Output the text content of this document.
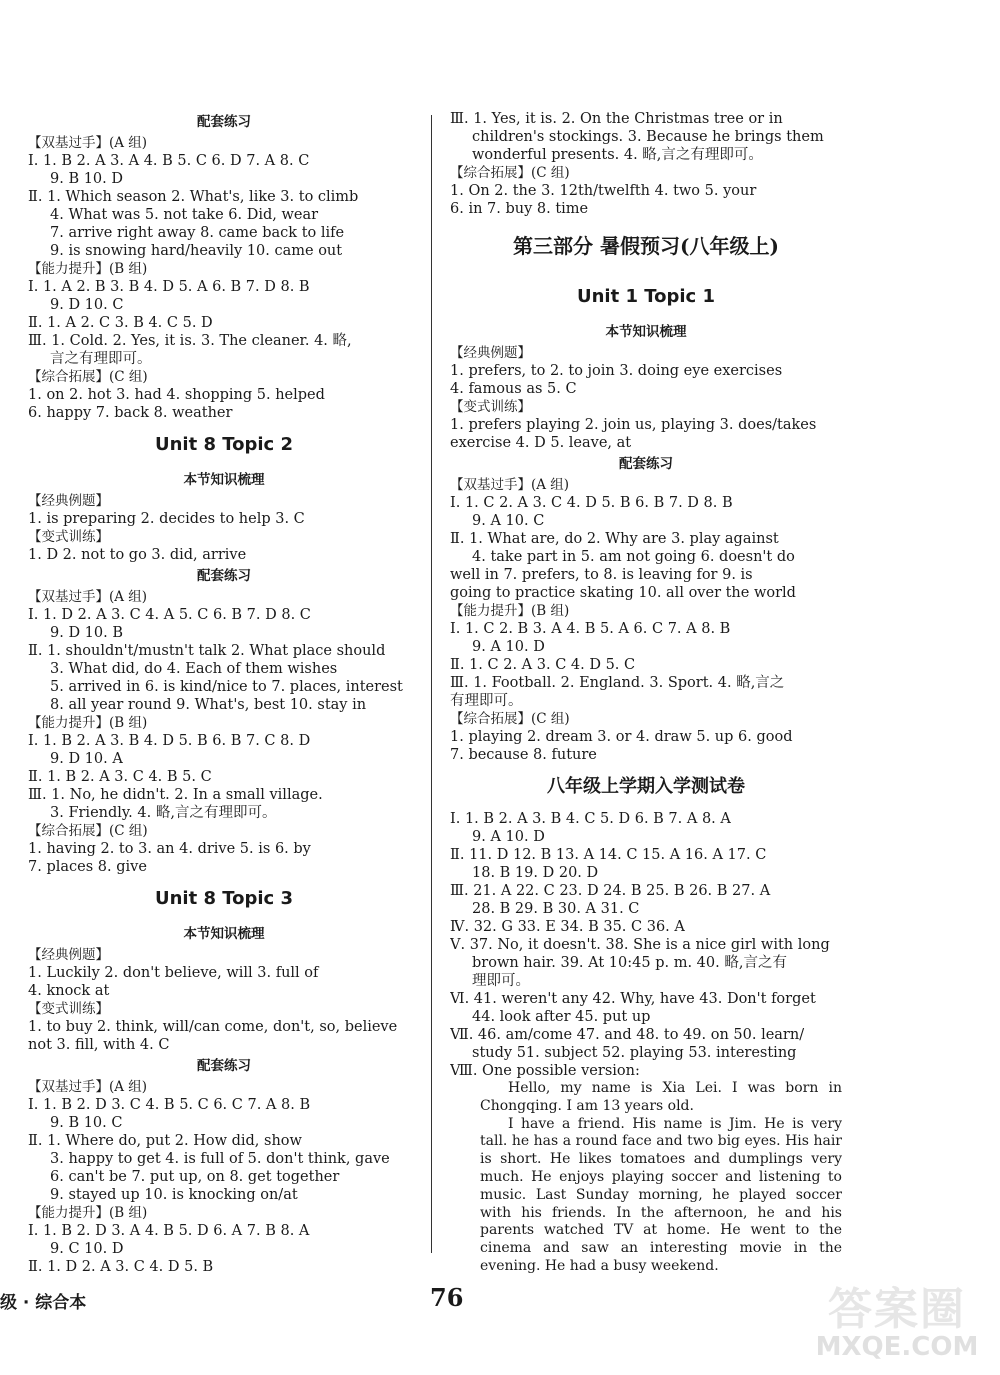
配套练习
【双基过手】(A 组)
Ⅰ. 1. B 2. A 3. A 4. B 5. C 6. D 7. A 8. C
9. B 10. D
Ⅱ. 1. Which season 2. What's, like 3. to climb
4. What was 5. not take 6. Did, wear
7. arrive right away 8. came back to life
9. is snowing hard/heavily 10. came out
【能力提升】(B 组)
Ⅰ. 1. A 2. B 3. B 4. D 5. A 6. B 7. D 8. B
9. D 10. C
Ⅱ. 1. A 2. C 3. B 4. C 5. D
Ⅲ. 1. Cold. 2. Yes, it is. 3. The cleaner. 4. 略,
言之有理即可。
【综合拓展】(C 组)
1. on 2. hot 3. had 4. shopping 5. helped
6. happy 7. back 8. weather
Unit 8 Topic 2
本节知识梳理
【经典例题】
1. is preparing 2. decides to help 3. C
【变式训练】
1. D 2. not to go 3. did, arrive
配套练习
【双基过手】(A 组)
Ⅰ. 1. D 2. A 3. C 4. A 5. C 6. B 7. D 8. C
9. D 10. B
Ⅱ. 1. shouldn't/mustn't talk 2. What place should
3. What did, do 4. Each of them wishes
5. arrived in 6. is kind/nice to 7. places, interest
8. all year round 9. What's, best 10. stay in
【能力提升】(B 组)
Ⅰ. 1. B 2. A 3. B 4. D 5. B 6. B 7. C 8. D
9. D 10. A
Ⅱ. 1. B 2. A 3. C 4. B 5. C
Ⅲ. 1. No, he didn't. 2. In a small village.
3. Friendly. 4. 略,言之有理即可。
【综合拓展】(C 组)
1. having 2. to 3. an 4. drive 5. is 6. by
7. places 8. give
Unit 8 Topic 3
本节知识梳理
【经典例题】
1. Luckily 2. don't believe, will 3. full of
4. knock at
【变式训练】
1. to buy 2. think, will/can come, don't, so, believe
not 3. fill, with 4. C
配套练习
【双基过手】(A 组)
Ⅰ. 1. B 2. D 3. C 4. B 5. C 6. C 7. A 8. B
9. B 10. C
Ⅱ. 1. Where do, put 2. How did, show
3. happy to get 4. is full of 5. don't think, gave
6. can't be 7. put up, on 8. get together
9. stayed up 10. is knocking on/at
【能力提升】(B 组)
Ⅰ. 1. B 2. D 3. A 4. B 5. D 6. A 7. B 8. A
9. C 10. D
Ⅱ. 1. D 2. A 3. C 4. D 5. B
Ⅲ. 1. Yes, it is. 2. On the Christmas tree or in
children's stockings. 3. Because he brings them
wonderful presents. 4. 略,言之有理即可。
【综合拓展】(C 组)
1. On 2. the 3. 12th/twelfth 4. two 5. your
6. in 7. buy 8. time
第三部分 暑假预习(八年级上)
Unit 1 Topic 1
本节知识梳理
【经典例题】
1. prefers, to 2. to join 3. doing eye exercises
4. famous as 5. C
【变式训练】
1. prefers playing 2. join us, playing 3. does/takes
exercise 4. D 5. leave, at
配套练习
【双基过手】(A 组)
Ⅰ. 1. C 2. A 3. C 4. D 5. B 6. B 7. D 8. B
9. A 10. C
Ⅱ. 1. What are, do 2. Why are 3. play against
4. take part in 5. am not going 6. doesn't do
well in 7. prefers, to 8. is leaving for 9. is
going to practice skating 10. all over the world
【能力提升】(B 组)
Ⅰ. 1. C 2. B 3. A 4. B 5. A 6. C 7. A 8. B
9. A 10. D
Ⅱ. 1. C 2. A 3. C 4. D 5. C
Ⅲ. 1. Football. 2. England. 3. Sport. 4. 略,言之
有理即可。
【综合拓展】(C 组)
1. playing 2. dream 3. or 4. draw 5. up 6. good
7. because 8. future
八年级上学期入学测试卷
Ⅰ. 1. B 2. A 3. B 4. C 5. D 6. B 7. A 8. A
9. A 10. D
Ⅱ. 11. D 12. B 13. A 14. C 15. A 16. A 17. C
18. B 19. D 20. D
Ⅲ. 21. A 22. C 23. D 24. B 25. B 26. B 27. A
28. B 29. B 30. A 31. C
Ⅳ. 32. G 33. E 34. B 35. C 36. A
Ⅴ. 37. No, it doesn't. 38. She is a nice girl with long
brown hair. 39. At 10:45 p. m. 40. 略,言之有
理即可。
Ⅵ. 41. weren't any 42. Why, have 43. Don't forget
44. look after 45. put up
Ⅶ. 46. am/come 47. and 48. to 49. on 50. learn/
study 51. subject 52. playing 53. interesting
Ⅷ. One possible version:

Hello, my name is Xia Lei. I was born in Chongqing. I am 13 years old.

I have a friend. His name is Jim. He is very tall. he has a round face and two big eyes. His hair is short. He likes tomatoes and dumplings very much. He enjoys playing soccer and listening to music. Last Sunday morning, he played soccer with his friends. In the afternoon, he and his parents watched TV at home. He went to the cinema and saw an interesting movie in the evening. He had a busy weekend.

级 · 综合本	76	答案圈
MXQE.COM
